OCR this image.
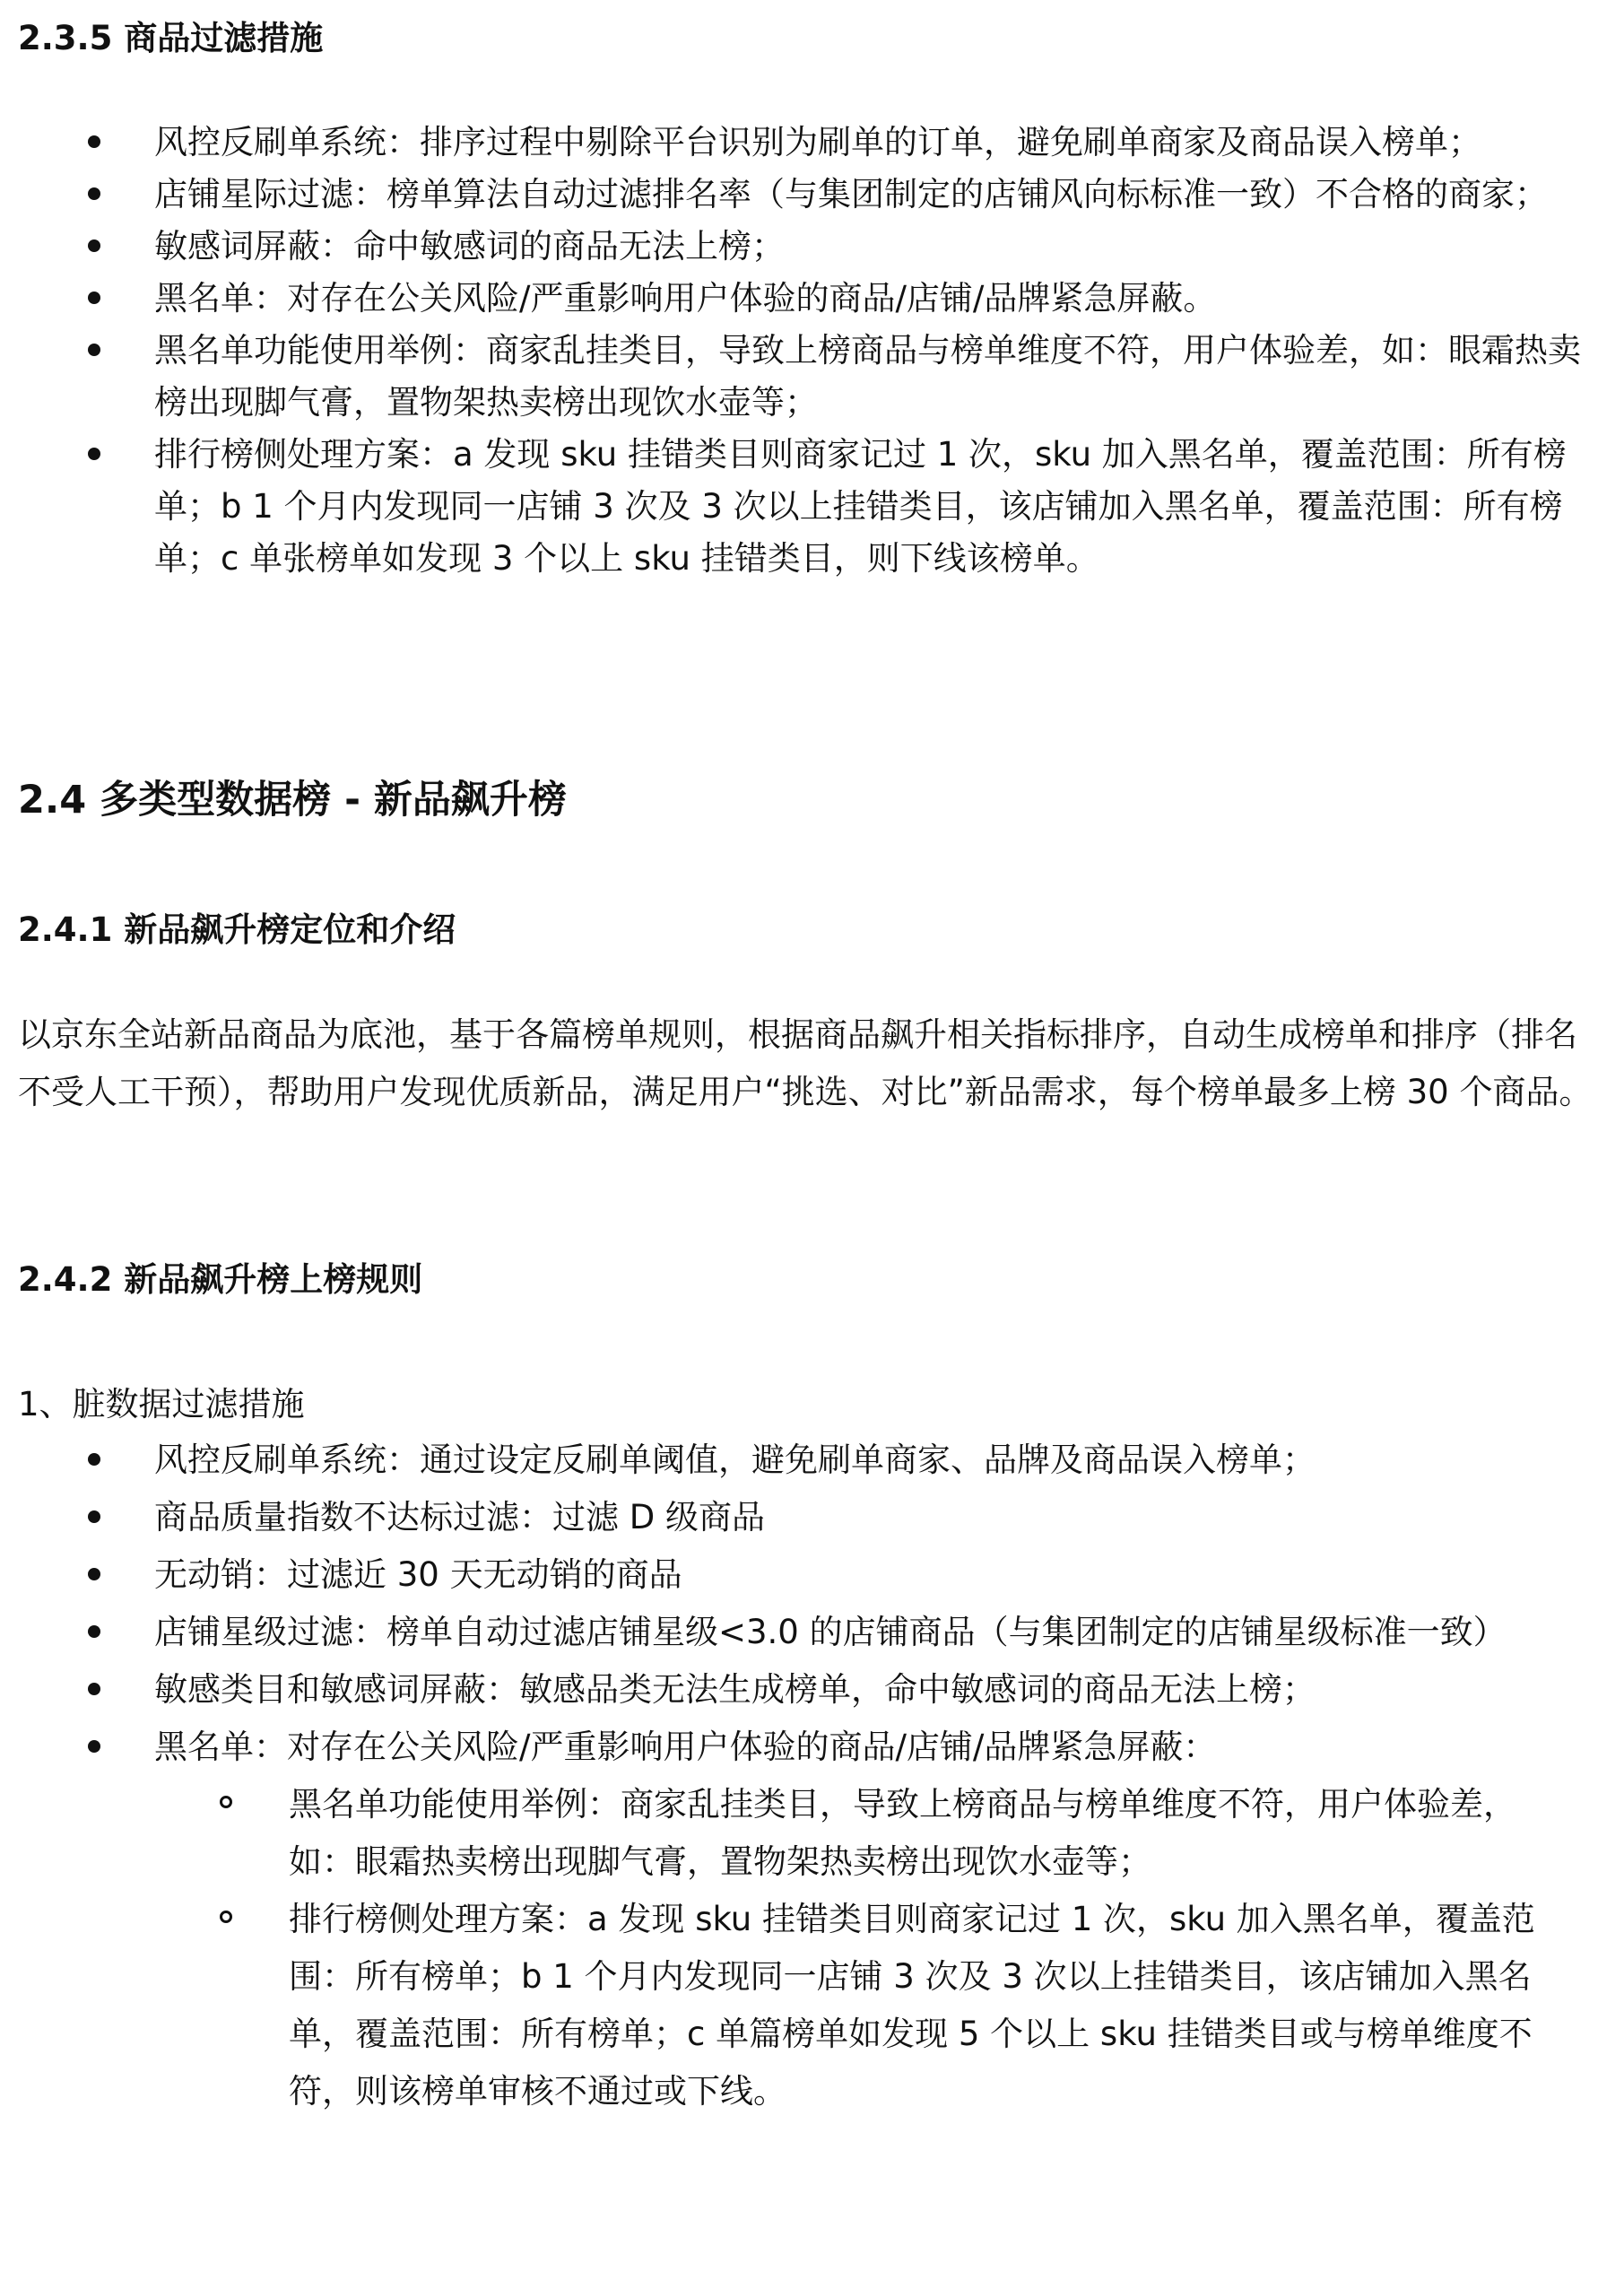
2.3.5 商品过滤措施
风控反刷单系统：排序过程中剔除平台识别为刷单的订单，避免刷单商家及商品误入榜单；
店铺星际过滤：榜单算法自动过滤排名率（与集团制定的店铺风向标标准一致）不合格的商家；
敏感词屏蔽：命中敏感词的商品无法上榜；
黑名单：对存在公关风险/严重影响用户体验的商品/店铺/品牌紧急屏蔽。
黑名单功能使用举例：商家乱挂类目，导致上榜商品与榜单维度不符，用户体验差，如：眼霜热卖榜出现脚气膏，置物架热卖榜出现饮水壶等；
排行榜侧处理方案：a 发现 sku 挂错类目则商家记过 1 次，sku 加入黑名单，覆盖范围：所有榜单；b 1 个月内发现同一店铺 3 次及 3 次以上挂错类目，该店铺加入黑名单，覆盖范围：所有榜单；c 单张榜单如发现 3 个以上 sku 挂错类目，则下线该榜单。
2.4 多类型数据榜 - 新品飙升榜
2.4.1 新品飙升榜定位和介绍
以京东全站新品商品为底池，基于各篇榜单规则，根据商品飙升相关指标排序，自动生成榜单和排序（排名不受人工干预），帮助用户发现优质新品，满足用户“挑选、对比”新品需求，每个榜单最多上榜 30 个商品。
2.4.2 新品飙升榜上榜规则
1、脏数据过滤措施
风控反刷单系统：通过设定反刷单阈值，避免刷单商家、品牌及商品误入榜单；
商品质量指数不达标过滤：过滤 D 级商品
无动销：过滤近 30 天无动销的商品
店铺星级过滤：榜单自动过滤店铺星级<3.0 的店铺商品（与集团制定的店铺星级标准一致）
敏感类目和敏感词屏蔽：敏感品类无法生成榜单，命中敏感词的商品无法上榜；
黑名单：对存在公关风险/严重影响用户体验的商品/店铺/品牌紧急屏蔽：
黑名单功能使用举例：商家乱挂类目，导致上榜商品与榜单维度不符，用户体验差，如：眼霜热卖榜出现脚气膏，置物架热卖榜出现饮水壶等；
排行榜侧处理方案：a 发现 sku 挂错类目则商家记过 1 次，sku 加入黑名单，覆盖范围：所有榜单；b 1 个月内发现同一店铺 3 次及 3 次以上挂错类目，该店铺加入黑名单，覆盖范围：所有榜单；c 单篇榜单如发现 5 个以上 sku 挂错类目或与榜单维度不符，则该榜单审核不通过或下线。
